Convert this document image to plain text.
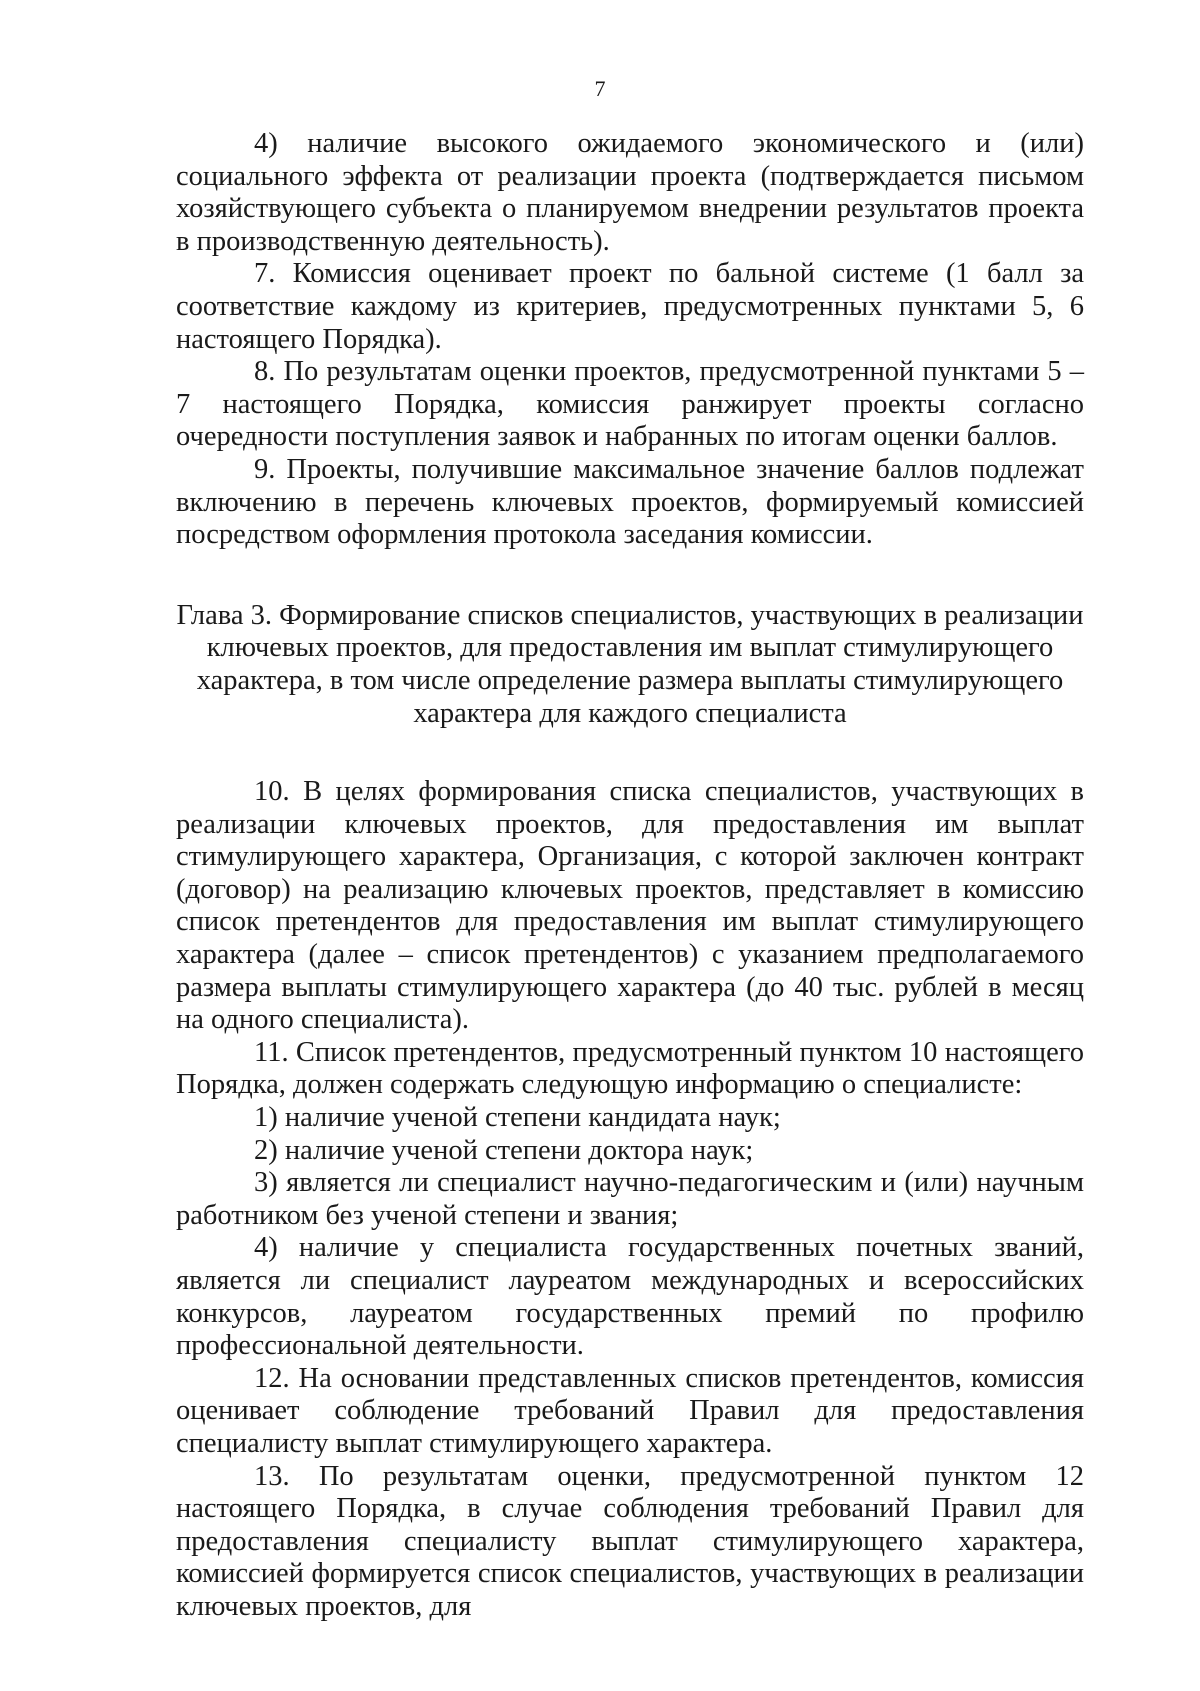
7

4) наличие высокого ожидаемого экономического и (или) социального эффекта от реализации проекта (подтверждается письмом хозяйствующего субъекта о планируемом внедрении результатов проекта в производственную деятельность).

7. Комиссия оценивает проект по бальной системе (1 балл за соответствие каждому из критериев, предусмотренных пунктами 5, 6 настоящего Порядка).

8. По результатам оценки проектов, предусмотренной пунктами 5 – 7 настоящего Порядка, комиссия ранжирует проекты согласно очередности поступления заявок и набранных по итогам оценки баллов.

9. Проекты, получившие максимальное значение баллов подлежат включению в перечень ключевых проектов, формируемый комиссией посредством оформления протокола заседания комиссии.

Глава 3. Формирование списков специалистов, участвующих в реализации ключевых проектов, для предоставления им выплат стимулирующего характера, в том числе определение размера выплаты стимулирующего характера для каждого специалиста

10. В целях формирования списка специалистов, участвующих в реализации ключевых проектов, для предоставления им выплат стимулирующего характера, Организация, с которой заключен контракт (договор) на реализацию ключевых проектов, представляет в комиссию список претендентов для предоставления им выплат стимулирующего характера (далее – список претендентов) с указанием предполагаемого размера выплаты стимулирующего характера (до 40 тыс. рублей в месяц на одного специалиста).

11. Список претендентов, предусмотренный пунктом 10 настоящего Порядка, должен содержать следующую информацию о специалисте:

1) наличие ученой степени кандидата наук;

2) наличие ученой степени доктора наук;

3) является ли специалист научно-педагогическим и (или) научным работником без ученой степени и звания;

4) наличие у специалиста государственных почетных званий, является ли специалист лауреатом международных и всероссийских конкурсов, лауреатом государственных премий по профилю профессиональной деятельности.

12. На основании представленных списков претендентов, комиссия оценивает соблюдение требований Правил для предоставления специалисту выплат стимулирующего характера.

13. По результатам оценки, предусмотренной пунктом 12 настоящего Порядка, в случае соблюдения требований Правил для предоставления специалисту выплат стимулирующего характера, комиссией формируется список специалистов, участвующих в реализации ключевых проектов, для
